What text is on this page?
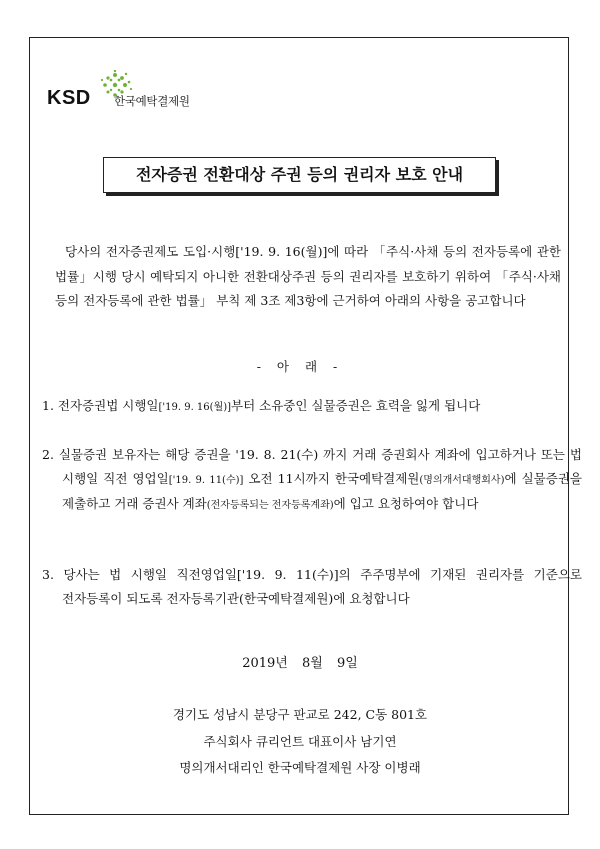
KSD 한국예탁결제원
전자증권 전환대상 주권 등의 권리자 보호 안내

당사의 전자증권제도 도입·시행['19. 9. 16(월)]에 따라 「주식·사채 등의 전자등록에 관한 법률」시행 당시 예탁되지 아니한 전환대상주권 등의 권리자를 보호하기 위하여 「주식·사채 등의 전자등록에 관한 법률」 부칙 제 3조 제3항에 근거하여 아래의 사항을 공고합니다

- 아 래 -

1. 전자증권법 시행일['19. 9. 16(월)]부터 소유중인 실물증권은 효력을 잃게 됩니다

2. 실물증권 보유자는 해당 증권을 '19. 8. 21(수) 까지 거래 증권회사 계좌에 입고하거나 또는 법 시행일 직전 영업일['19. 9. 11(수)] 오전 11시까지 한국예탁결제원(명의개서대행회사)에 실물증권을 제출하고 거래 증권사 계좌(전자등록되는 전자등록계좌)에 입고 요청하여야 합니다

3. 당사는 법 시행일 직전영업일['19. 9. 11(수)]의 주주명부에 기재된 권리자를 기준으로 전자등록이 되도록 전자등록기관(한국예탁결제원)에 요청합니다

2019년 8월 9일
경기도 성남시 분당구 판교로 242, C동 801호
주식회사 큐리언트 대표이사 남기연
명의개서대리인 한국예탁결제원 사장 이병래
